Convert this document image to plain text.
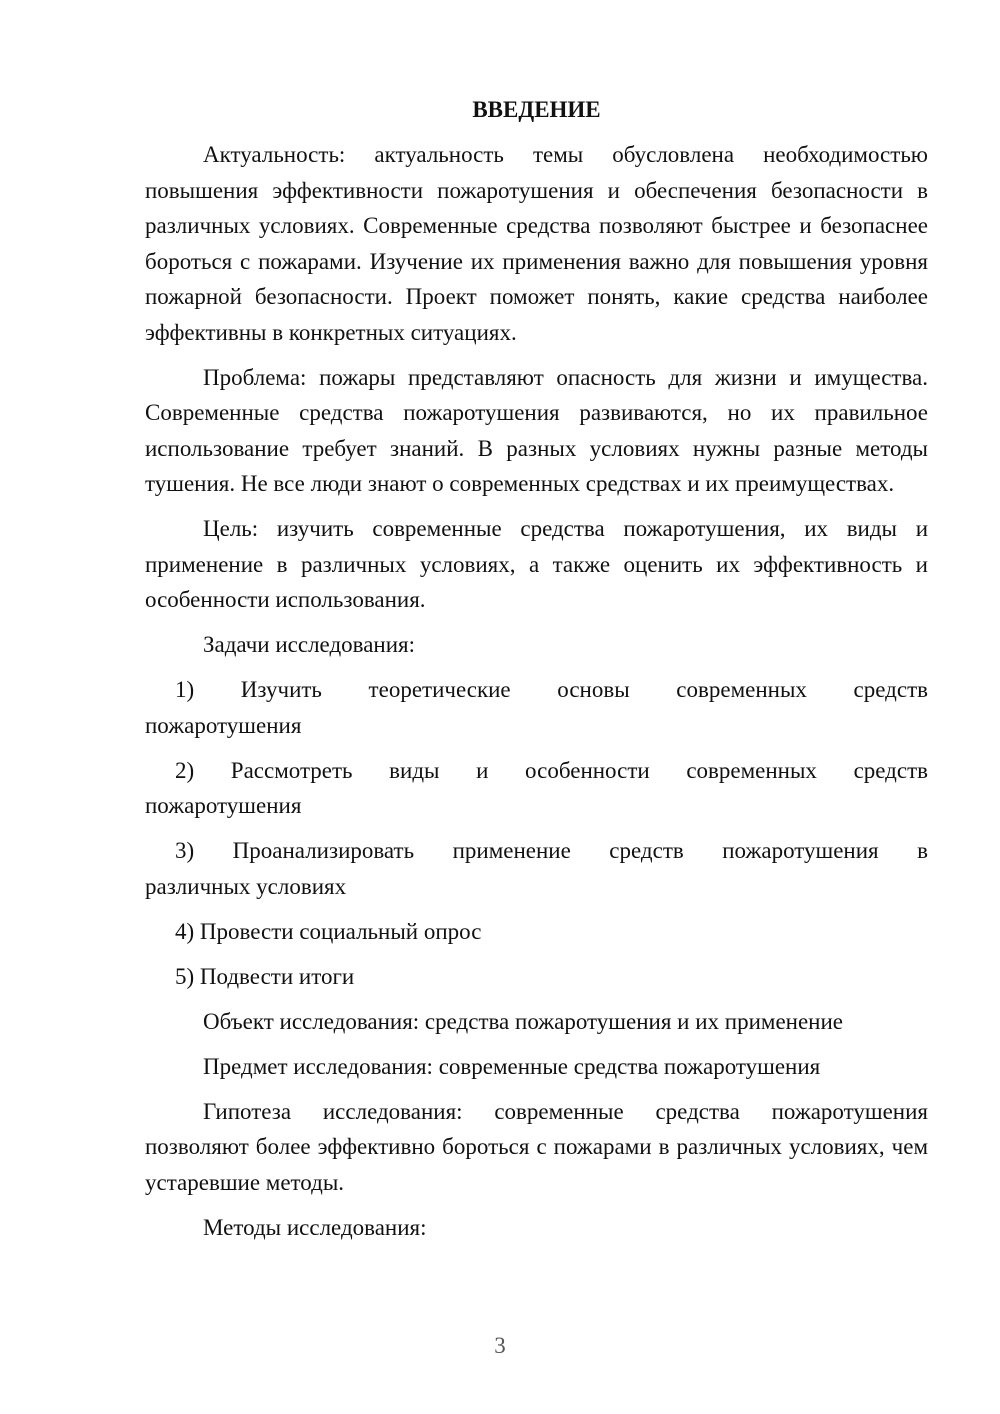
ВВЕДЕНИЕ

Актуальность: актуальность темы обусловлена необходимостью повышения эффективности пожаротушения и обеспечения безопасности в различных условиях. Современные средства позволяют быстрее и безопаснее бороться с пожарами. Изучение их применения важно для повышения уровня пожарной безопасности. Проект поможет понять, какие средства наиболее эффективны в конкретных ситуациях.

Проблема: пожары представляют опасность для жизни и имущества. Современные средства пожаротушения развиваются, но их правильное использование требует знаний. В разных условиях нужны разные методы тушения. Не все люди знают о современных средствах и их преимуществах.

Цель: изучить современные средства пожаротушения, их виды и применение в различных условиях, а также оценить их эффективность и особенности использования.

Задачи исследования:

1) Изучить теоретические основы современных средств
пожаротушения

2) Рассмотреть виды и особенности современных средств
пожаротушения

3) Проанализировать применение средств пожаротушения в
различных условиях

4) Провести социальный опрос

5) Подвести итоги

Объект исследования: средства пожаротушения и их применение

Предмет исследования: современные средства пожаротушения

Гипотеза исследования: современные средства пожаротушения позволяют более эффективно бороться с пожарами в различных условиях, чем устаревшие методы.

Методы исследования:

3
